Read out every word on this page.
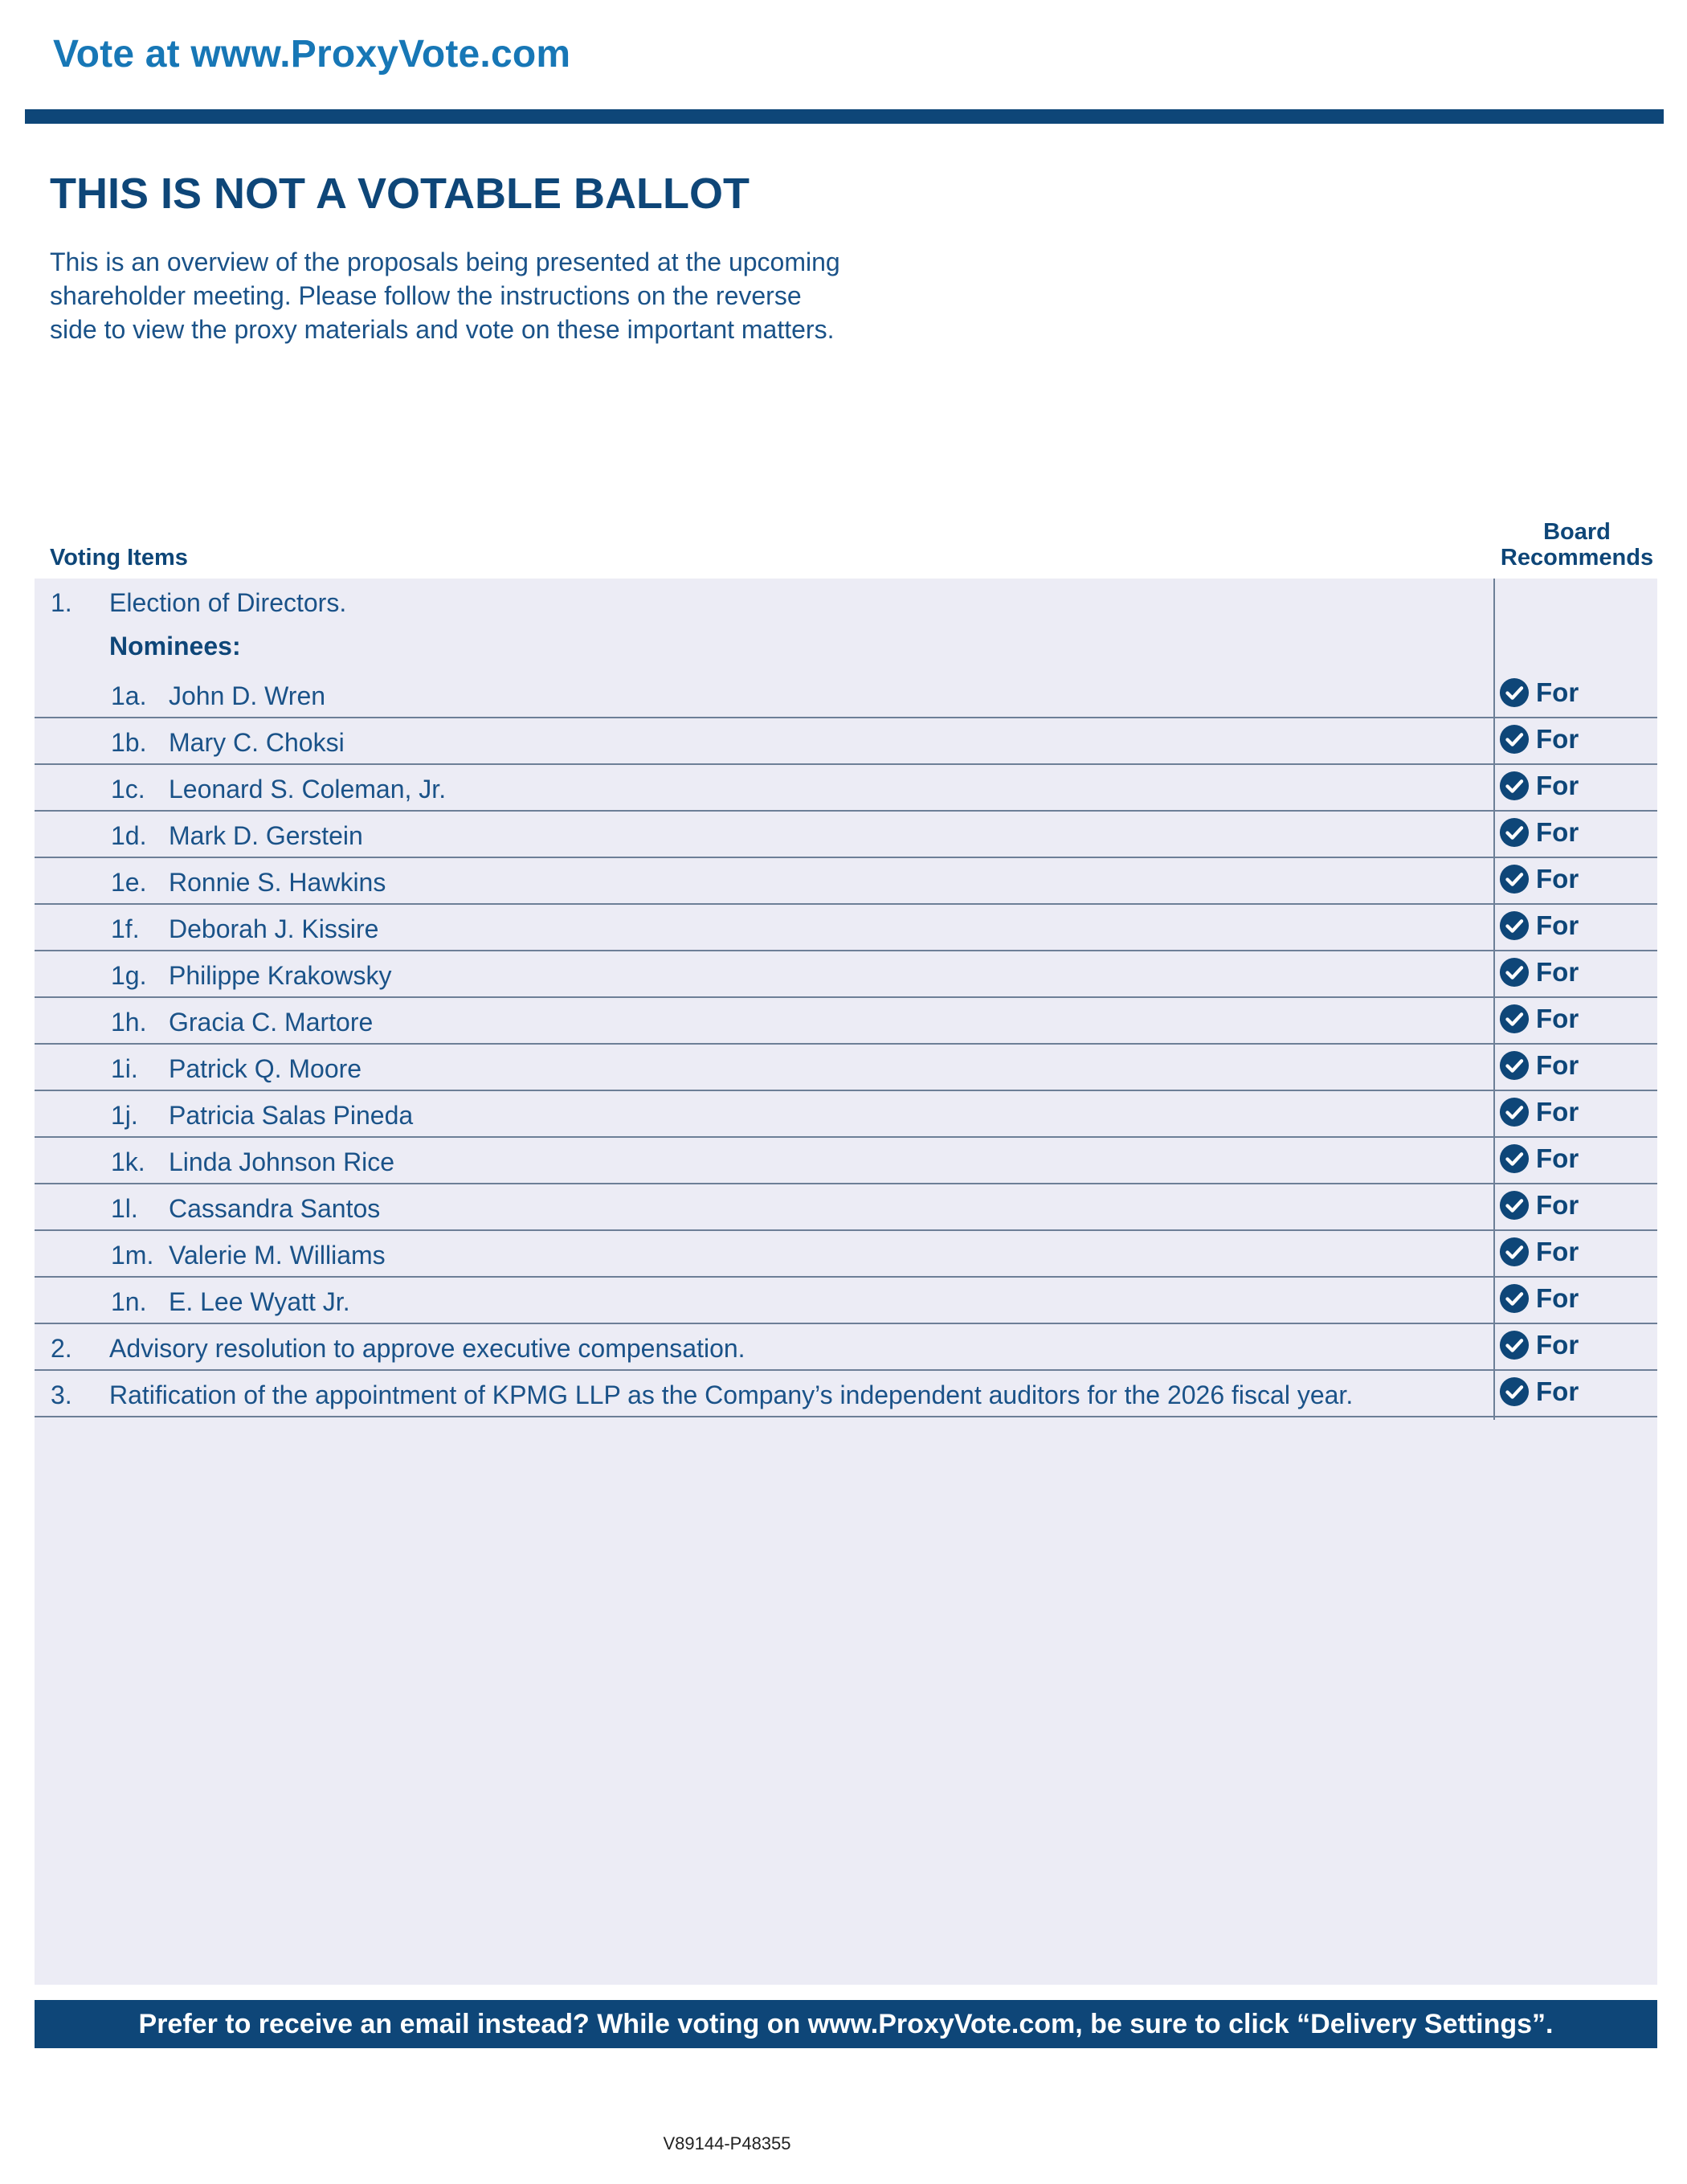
Vote at www.ProxyVote.com
THIS IS NOT A VOTABLE BALLOT

This is an overview of the proposals being presented at the upcoming shareholder meeting. Please follow the instructions on the reverse side to view the proxy materials and vote on these important matters.

Voting Items
Board
Recommends
1. Election of Directors.
Nominees:
1a. John D. Wren	For
1b. Mary C. Choksi	For
1c. Leonard S. Coleman, Jr.	For
1d. Mark D. Gerstein	For
1e. Ronnie S. Hawkins	For
1f. Deborah J. Kissire	For
1g. Philippe Krakowsky	For
1h. Gracia C. Martore	For
1i. Patrick Q. Moore	For
1j. Patricia Salas Pineda	For
1k. Linda Johnson Rice	For
1l. Cassandra Santos	For
1m. Valerie M. Williams	For
1n. E. Lee Wyatt Jr.	For
2. Advisory resolution to approve executive compensation.	For
3. Ratification of the appointment of KPMG LLP as the Company’s independent auditors for the 2026 fiscal year.	For
Prefer to receive an email instead? While voting on www.ProxyVote.com, be sure to click “Delivery Settings”.
V89144-P48355
